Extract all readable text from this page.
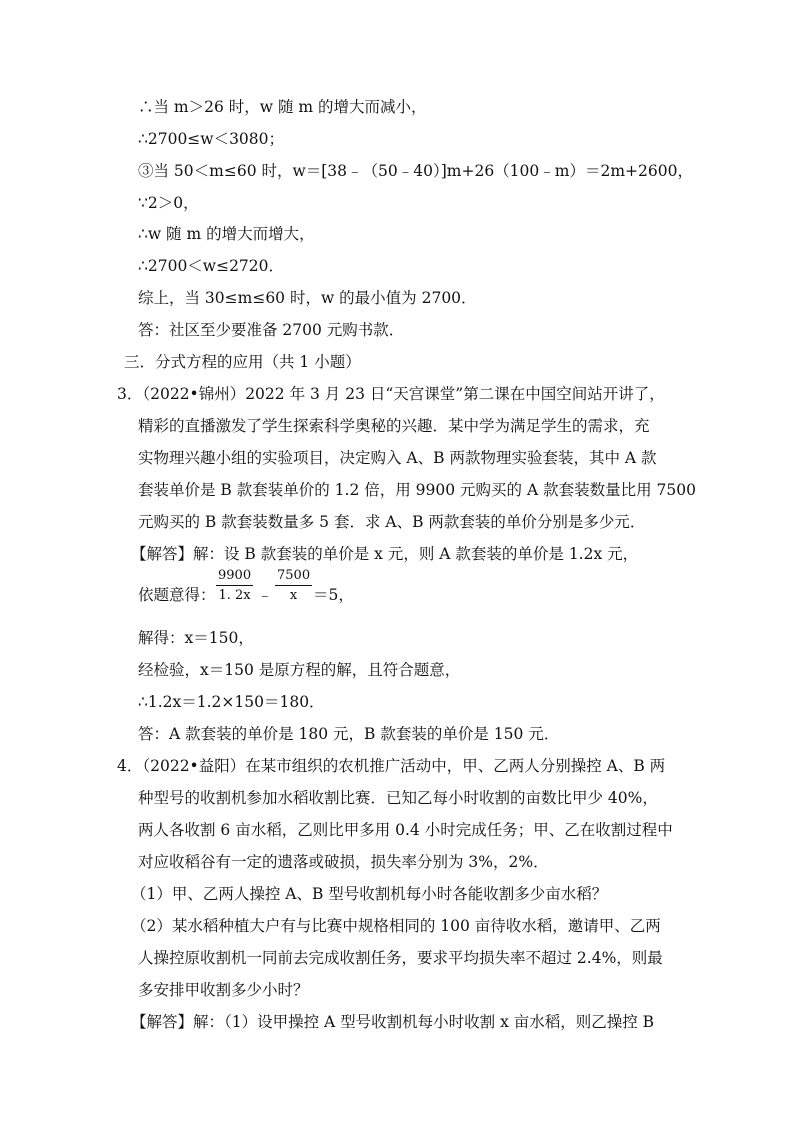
∴当 m＞26 时，w 随 m 的增大而减小，
∴2700≤w＜3080；
③当 50＜m≤60 时，w＝[38﹣（50﹣40）]m+26（100﹣m）＝2m+2600，
∵2＞0，
∴w 随 m 的增大而增大，
∴2700＜w≤2720．
综上，当 30≤m≤60 时，w 的最小值为 2700．
答：社区至少要准备 2700 元购书款．
三．分式方程的应用（共 1 小题）
3．（2022•锦州）2022 年 3 月 23 日“天宫课堂”第二课在中国空间站开讲了，
精彩的直播激发了学生探索科学奥秘的兴趣．某中学为满足学生的需求，充
实物理兴趣小组的实验项目，决定购入 A、B 两款物理实验套装，其中 A 款
套装单价是 B 款套装单价的 1.2 倍，用 9900 元购买的 A 款套装数量比用 7500
元购买的 B 款套装数量多 5 套．求 A、B 两款套装的单价分别是多少元．
【解答】解：设 B 款套装的单价是 x 元，则 A 款套装的单价是 1.2x 元，
依题意得： $\frac{9900}{1. 2x}$ ﹣ $\frac{7500}{x} =5$，
解得：x＝150，
经检验，x＝150 是原方程的解，且符合题意，
∴1.2x＝1.2×150＝180．
答：A 款套装的单价是 180 元，B 款套装的单价是 150 元．
4．（2022•益阳）在某市组织的农机推广活动中，甲、乙两人分别操控 A、B 两
种型号的收割机参加水稻收割比赛．已知乙每小时收割的亩数比甲少 40%，
两人各收割 6 亩水稻，乙则比甲多用 0.4 小时完成任务；甲、乙在收割过程中
对应收稻谷有一定的遗落或破损，损失率分别为 3%，2%．
（1）甲、乙两人操控 A、B 型号收割机每小时各能收割多少亩水稻？
（2）某水稻种植大户有与比赛中规格相同的 100 亩待收水稻，邀请甲、乙两
人操控原收割机一同前去完成收割任务，要求平均损失率不超过 2.4%，则最
多安排甲收割多少小时？
【解答】解：（1）设甲操控 A 型号收割机每小时收割 x 亩水稻，则乙操控 B
